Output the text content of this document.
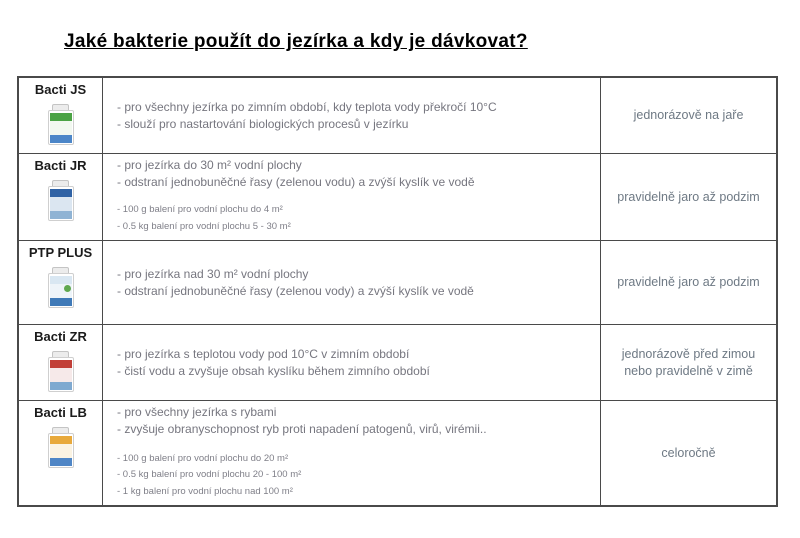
Jaké bakterie použít do jezírka a kdy je dávkovat?
Bacti JS
- pro všechny jezírka po zimním období, kdy teplota vody překročí 10°C
- slouží pro nastartování biologických procesů v jezírku
jednorázově na jaře
Bacti JR	- pro jezírka do 30 m² vodní plochy
- odstraní jednobuněčné řasy (zelenou vodu) a zvýší kyslík ve vodě
- 100 g balení pro vodní plochu do 4 m²
- 0.5 kg balení pro vodní plochu 5 - 30 m²
pravidelně jaro až podzim
PTP PLUS
- pro jezírka nad 30 m² vodní plochy
- odstraní jednobuněčné řasy (zelenou vody) a zvýší kyslík ve vodě
pravidelně jaro až podzim
Bacti ZR
- pro jezírka s teplotou vody pod 10°C v zimním období
- čistí vodu a zvyšuje obsah kyslíku během zimního období
jednorázově před zimou nebo pravidelně v zimě
Bacti LB	- pro všechny jezírka s rybami
- zvyšuje obranyschopnost ryb proti napadení patogenů, virů, virémii..
- 100 g balení pro vodní plochu do 20 m²
- 0.5 kg balení pro vodní plochu 20 - 100 m²
- 1 kg balení pro vodní plochu nad 100 m²
celoročně
